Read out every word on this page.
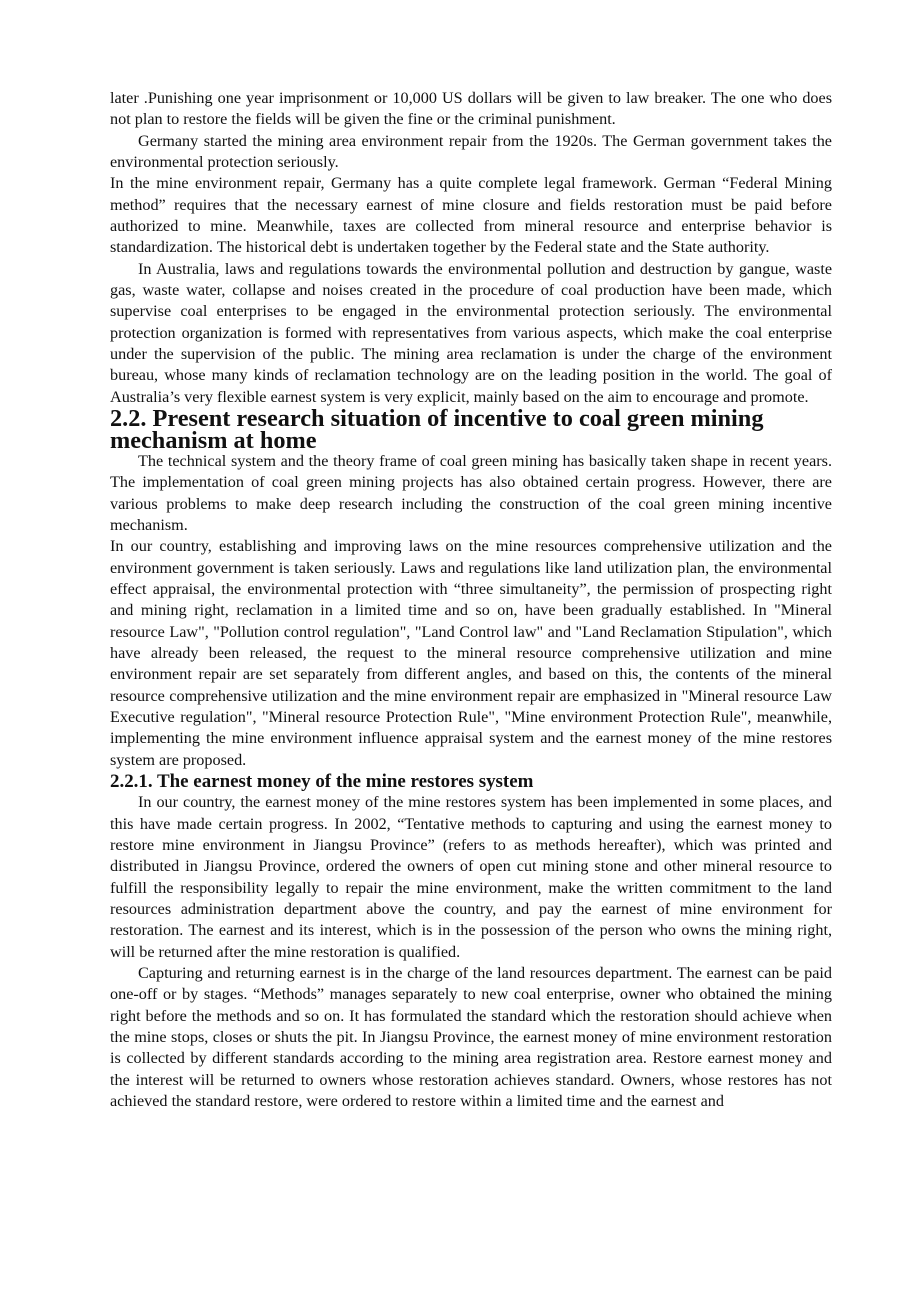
later .Punishing one year imprisonment or 10,000 US dollars will be given to law breaker. The one who does not plan to restore the fields will be given the fine or the criminal punishment.

Germany started the mining area environment repair from the 1920s. The German government takes the environmental protection seriously.

In the mine environment repair, Germany has a quite complete legal framework. German “Federal Mining method” requires that the necessary earnest of mine closure and fields restoration must be paid before authorized to mine. Meanwhile, taxes are collected from mineral resource and enterprise behavior is standardization. The historical debt is undertaken together by the Federal state and the State authority.

In Australia, laws and regulations towards the environmental pollution and destruction by gangue, waste gas, waste water, collapse and noises created in the procedure of coal production have been made, which supervise coal enterprises to be engaged in the environmental protection seriously. The environmental protection organization is formed with representatives from various aspects, which make the coal enterprise under the supervision of the public. The mining area reclamation is under the charge of the environment bureau, whose many kinds of reclamation technology are on the leading position in the world. The goal of Australia’s very flexible earnest system is very explicit, mainly based on the aim to encourage and promote.

2.2. Present research situation of incentive to coal green mining mechanism at home

The technical system and the theory frame of coal green mining has basically taken shape in recent years. The implementation of coal green mining projects has also obtained certain progress. However, there are various problems to make deep research including the construction of the coal green mining incentive mechanism.

In our country, establishing and improving laws on the mine resources comprehensive utilization and the environment government is taken seriously. Laws and regulations like land utilization plan, the environmental effect appraisal, the environmental protection with “three simultaneity”, the permission of prospecting right and mining right, reclamation in a limited time and so on, have been gradually established. In "Mineral resource Law", "Pollution control regulation", "Land Control law" and "Land Reclamation Stipulation", which have already been released, the request to the mineral resource comprehensive utilization and mine environment repair are set separately from different angles, and based on this, the contents of the mineral resource comprehensive utilization and the mine environment repair are emphasized in "Mineral resource Law Executive regulation", "Mineral resource Protection Rule", "Mine environment Protection Rule", meanwhile, implementing the mine environment influence appraisal system and the earnest money of the mine restores system are proposed.

2.2.1. The earnest money of the mine restores system

In our country, the earnest money of the mine restores system has been implemented in some places, and this have made certain progress. In 2002, “Tentative methods to capturing and using the earnest money to restore mine environment in Jiangsu Province” (refers to as methods hereafter), which was printed and distributed in Jiangsu Province, ordered the owners of open cut mining stone and other mineral resource to fulfill the responsibility legally to repair the mine environment, make the written commitment to the land resources administration department above the country, and pay the earnest of mine environment for restoration. The earnest and its interest, which is in the possession of the person who owns the mining right, will be returned after the mine restoration is qualified.

Capturing and returning earnest is in the charge of the land resources department. The earnest can be paid one-off or by stages. “Methods” manages separately to new coal enterprise, owner who obtained the mining right before the methods and so on. It has formulated the standard which the restoration should achieve when the mine stops, closes or shuts the pit. In Jiangsu Province, the earnest money of mine environment restoration is collected by different standards according to the mining area registration area. Restore earnest money and the interest will be returned to owners whose restoration achieves standard. Owners, whose restores has not achieved the standard restore, were ordered to restore within a limited time and the earnest and
